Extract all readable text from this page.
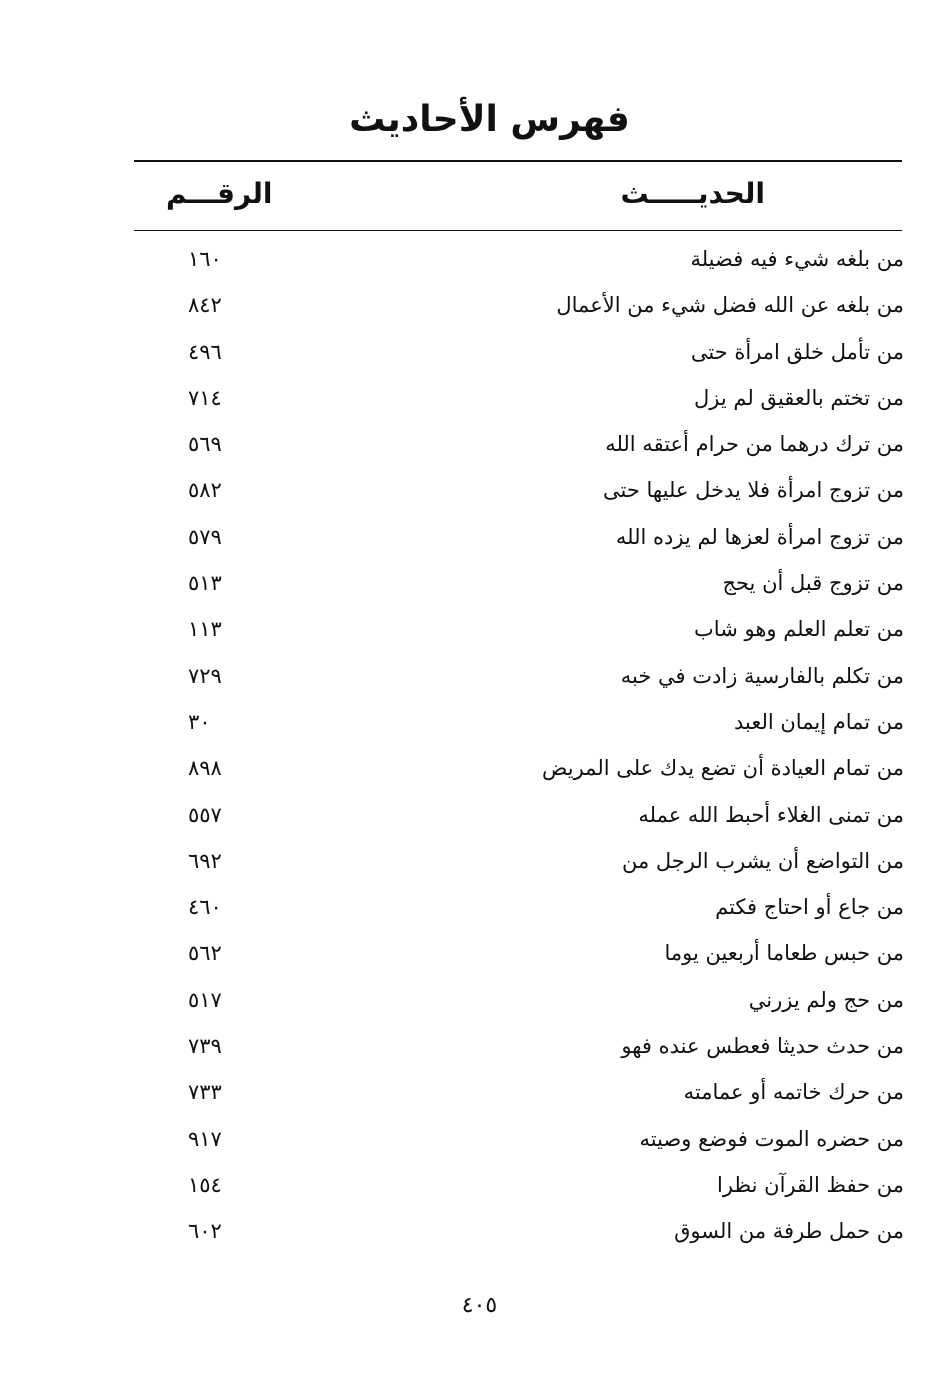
فهرس الأحاديث
الحديـــــث
الرقـــم
من بلغه شيء فيه فضيلة
١٦٠
من بلغه عن الله فضل شيء من الأعمال
٨٤٢
من تأمل خلق امرأة حتى
٤٩٦
من تختم بالعقيق لم يزل
٧١٤
من ترك درهما من حرام أعتقه الله
٥٦٩
من تزوج امرأة فلا يدخل عليها حتى
٥٨٢
من تزوج امرأة لعزها لم يزده الله
٥٧٩
من تزوج قبل أن يحج
٥١٣
من تعلم العلم وهو شاب
١١٣
من تكلم بالفارسية زادت في خبه
٧٢٩
من تمام إيمان العبد
٣٠
من تمام العيادة أن تضع يدك على المريض
٨٩٨
من تمنى الغلاء أحبط الله عمله
٥٥٧
من التواضع أن يشرب الرجل من
٦٩٢
من جاع أو احتاج فكتم
٤٦٠
من حبس طعاما أربعين يوما
٥٦٢
من حج ولم يزرني
٥١٧
من حدث حديثا فعطس عنده فهو
٧٣٩
من حرك خاتمه أو عمامته
٧٣٣
من حضره الموت فوضع وصيته
٩١٧
من حفظ القرآن نظرا
١٥٤
من حمل طرفة من السوق
٦٠٢
٤٠٥
